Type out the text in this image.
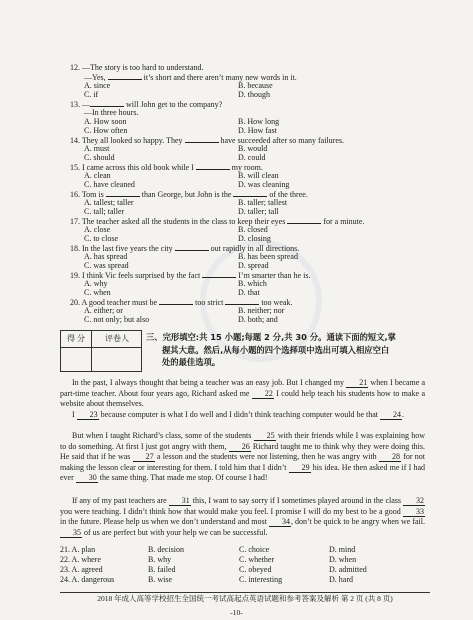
12. —The story is too hard to understand.
—Yes,	it’s short and there aren’t many new words in it.
A. since	B. because
C. if	D. though
13. —	will John get to the company?
—In three hours.
A. How soon	B. How long
C. How often	D. How fast
14. They all looked so happy. They	have succeeded after so many failures.
A. must	B. would
C. should	D. could
15. I came across this old book while I	my room.
A. clean	B. will clean
C. have cleaned	D. was cleaning
16. Tom is	than George, but John is the	of the three.
A. tallest; taller	B. taller; tallest
C. tall; taller	D. taller; tall
17. The teacher asked all the students in the class to keep their eyes	for a minute.
A. close	B. closed
C. to close	D. closing
18. In the last five years the city	out rapidly in all directions.
A. has spread	B. has been spread
C. was spread	D. spread
19. I think Vic feels surprised by the fact	I’m smarter than he is.
A. why	B. which
C. when	D. that
得 分	评卷人	三、完形填空:共 15 小题;每题 2 分,共 30 分。通读下面的短文,掌
握其大意。然后,从每小题的四个选择项中选出可填入相应空白
处的最佳选项。
In the past, I always thought that being a teacher was an easy job. But I changed my 21 when I became a part-time teacher. About four years ago, Richard asked me 22 I could help teach his students how to make a website about themselves.
I 23 because computer is what I do well and I didn’t think teaching computer would be that 24.
But when I taught Richard’s class, some of the students 25 with their friends while I was explaining how to do something. At first I just got angry with them, 26 Richard taught me to think why they were doing this. He said that if he was 27 a lesson and the students were not listening, then he was angry with 28 for not making the lesson clear or interesting for them. I told him that I didn’t 29 his idea. He then asked me if I had ever 30 the same thing. That made me stop. Of course I had!
If any of my past teachers are 31 this, I want to say sorry if I sometimes played around in the class 32 you were teaching. I didn’t think how that would make you feel. I promise I will do my best to be a good 33 in the future. Please help us when we don’t understand and most 34, don’t be quick to be angry when we fail. 35 of us are perfect but with your help we can be successful.
21. A. plan	B. decision	C. choice	D. mind
22. A. where	B. why	C. whether	D. when
23. A. agreed	B. failed	C. obeyed	D. admitted
24. A. dangerous	B. wise	C. interesting	D. hard
2018 年成人高等学校招生全国统一考试高起点英语试题和参考答案及解析 第 2 页 (共 8 页)
-10-
20. A good teacher must be	too strict	too weak.
A. either; or	B. neither; nor
C. not only; but also	D. both; and
